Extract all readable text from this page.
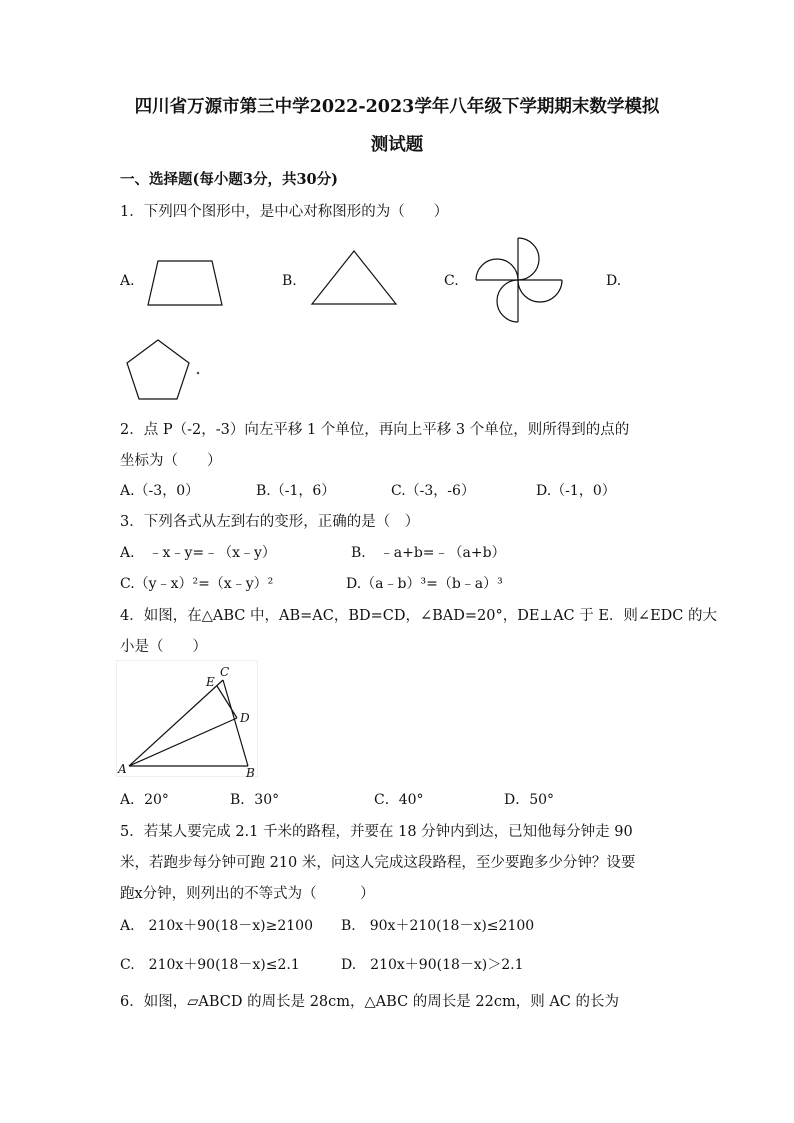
四川省万源市第三中学2022-2023学年八年级下学期期末数学模拟
测试题
一、选择题(每小题3分，共30分)
1．下列四个图形中，是中心对称图形的为（　　）
A.	B.	C.	D.
2．点 P（-2，-3）向左平移 1 个单位，再向上平移 3 个单位，则所得到的点的
坐标为（　　）
A.（-3，0）	B.（-1，6）	C.（-3，-6）	D.（-1，0）
3．下列各式从左到右的变形，正确的是（　）
A.　﹣x﹣y=﹣（x﹣y）	B.　﹣a+b=﹣（a+b）
C.（y﹣x）²=（x﹣y）²	D.（a﹣b）³=（b﹣a）³
4．如图，在△ABC 中，AB=AC，BD=CD，∠BAD=20°，DE⊥AC 于 E．则∠EDC 的大
小是（　　）
A	B
C
D
E
A．20°	B．30°	C．40°	D．50°
5．若某人要完成 2.1 千米的路程，并要在 18 分钟内到达，已知他每分钟走 90
米，若跑步每分钟可跑 210 米，问这人完成这段路程，至少要跑多少分钟？设要
跑x分钟，则列出的不等式为（　　　）
A.　210x＋90(18－x)≥2100 B.　90x＋210(18－x)≤2100
C.　210x＋90(18－x)≤2.1	D.　210x＋90(18－x)＞2.1
6．如图，▱ABCD 的周长是 28cm，△ABC 的周长是 22cm，则 AC 的长为
